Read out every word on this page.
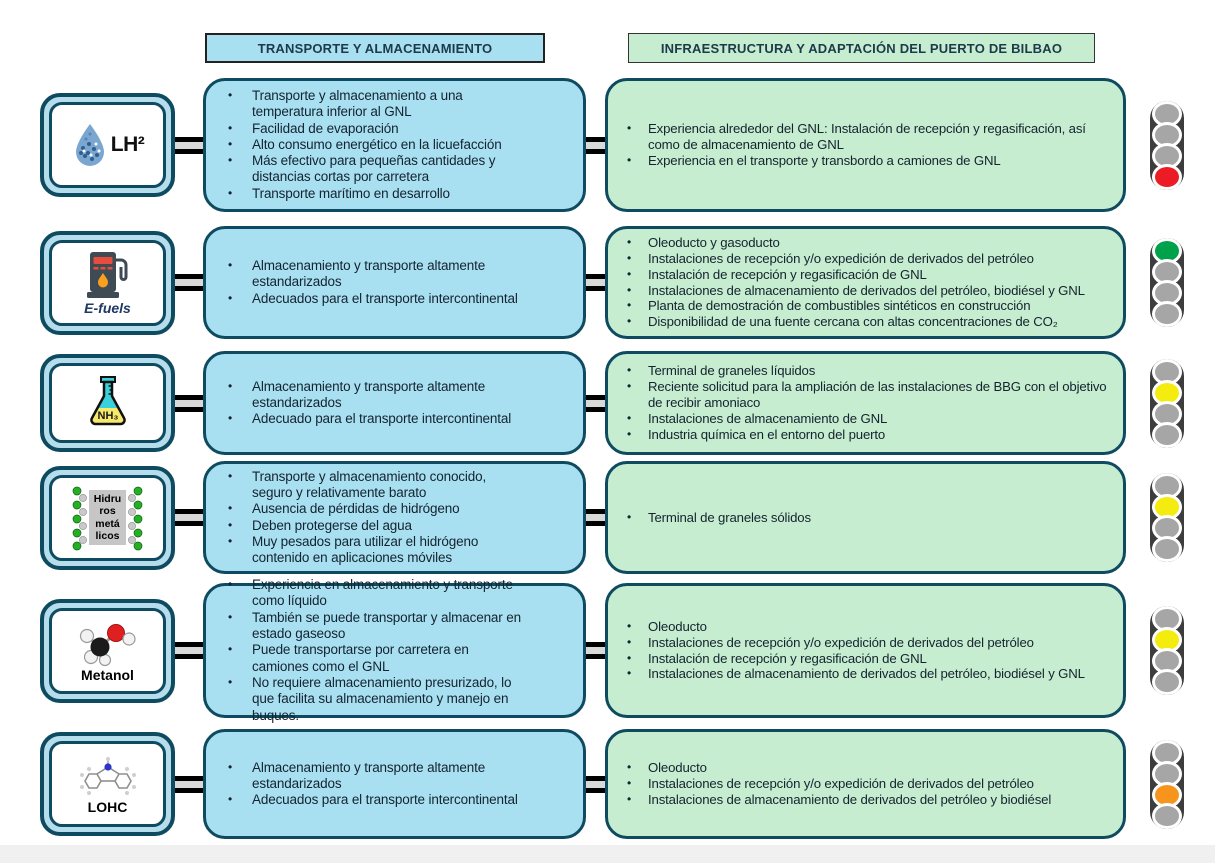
TRANSPORTE Y ALMACENAMIENTO	INFRAESTRUCTURA Y ADAPTACIÓN DEL PUERTO DE BILBAO
LH²
• Transporte y almacenamiento a una temperatura inferior al GNL
• Facilidad de evaporación
• Alto consumo energético en la licuefacción
• Más efectivo para pequeñas cantidades y distancias cortas por carretera
• Transporte marítimo en desarrollo
• Experiencia alrededor del GNL: Instalación de recepción y regasificación, así como de almacenamiento de GNL
• Experiencia en el transporte y transbordo a camiones de GNL
E-fuels
• Almacenamiento y transporte altamente estandarizados
• Adecuados para el transporte intercontinental
• Oleoducto y gasoducto
• Instalaciones de recepción y/o expedición de derivados del petróleo
• Instalación de recepción y regasificación de GNL
• Instalaciones de almacenamiento de derivados del petróleo, biodiésel y GNL
• Planta de demostración de combustibles sintéticos en construcción
• Disponibilidad de una fuente cercana con altas concentraciones de CO₂
NH₃
• Almacenamiento y transporte altamente estandarizados
• Adecuado para el transporte intercontinental
• Terminal de graneles líquidos
• Reciente solicitud para la ampliación de las instalaciones de BBG con el objetivo de recibir amoniaco
• Instalaciones de almacenamiento de GNL
• Industria química en el entorno del puerto
Hidru
ros
metá
licos
• Transporte y almacenamiento conocido, seguro y relativamente barato
• Ausencia de pérdidas de hidrógeno
• Deben protegerse del agua
• Muy pesados para utilizar el hidrógeno contenido en aplicaciones móviles
• Terminal de graneles sólidos
Metanol
• Experiencia en almacenamiento y transporte como líquido
• También se puede transportar y almacenar en estado gaseoso
• Puede transportarse por carretera en camiones como el GNL
• No requiere almacenamiento presurizado, lo que facilita su almacenamiento y manejo en buques.
• Oleoducto
• Instalaciones de recepción y/o expedición de derivados del petróleo
• Instalación de recepción y regasificación de GNL
• Instalaciones de almacenamiento de derivados del petróleo, biodiésel y GNL
LOHC
• Almacenamiento y transporte altamente estandarizados
• Adecuados para el transporte intercontinental
• Oleoducto
• Instalaciones de recepción y/o expedición de derivados del petróleo
• Instalaciones de almacenamiento de derivados del petróleo y biodiésel
